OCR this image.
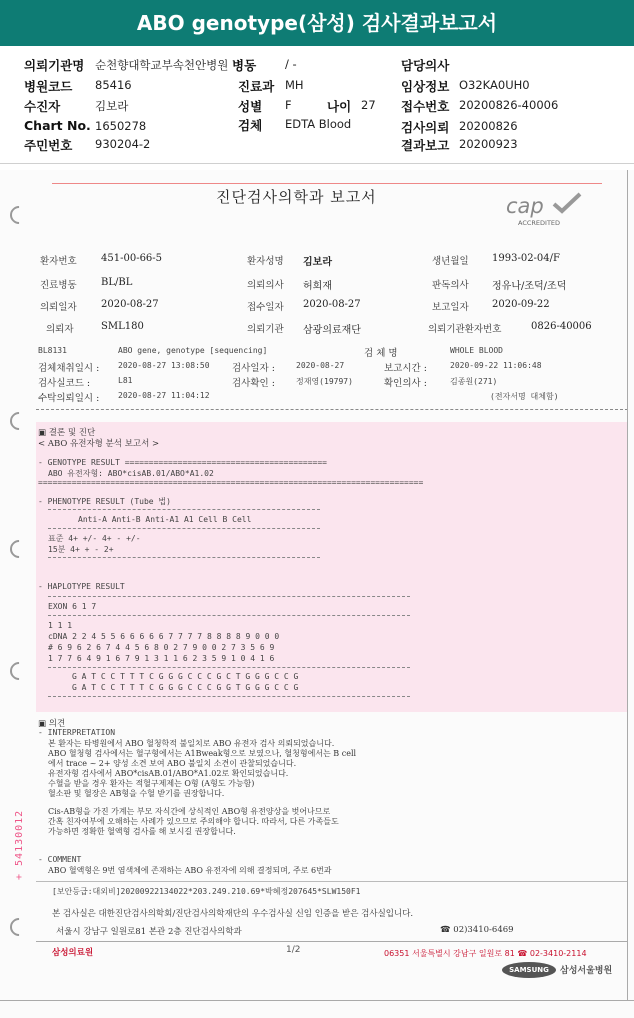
ABO genotype(삼성) 검사결과보고서
의뢰기관명 순천향대학교부속천안병원 병동	/ -	담당의사
병원코드 85416	진료과 MH	임상정보 O32KA0UH0
수진자	김보라	성별 F	나이 27 접수번호 20200826-40006
Chart No. 1650278	검체 EDTA Blood	검사의뢰 20200826
주민번호 930204-2	결과보고 20200923
진단검사의학과 보고서	cap
ACCREDITED
환자번호 451-00-66-5	환자성명 김보라	생년월일 1993-02-04/F
진료병동 BL/BL	의뢰의사 허희재	판독의사 정유나/조덕/조덕
의뢰일자 2020-08-27	접수일자 2020-08-27	보고일자 2020-09-22
의뢰자	SML180	의뢰기관 삼광의료재단	의뢰기관환자번호	0826-40006
BL8131	ABO gene, genotype [sequencing]	검 체 명	WHOLE BLOOD
검체채취일시 : 2020-08-27 13:08:50 검사일자 :	2020-08-27	보고시간 :	2020-09-22 11:06:48
검사실코드 :	L81	검사확인 :	정재영(19797)	확인의사 :	김종원(271)
수탁의뢰일시 : 2020-08-27 11:04:12	(전자서명 대체함)
▣ 결론 및 진단
< ABO 유전자형 분석 보고서 >
- GENOTYPE RESULT ==========================================
ABO 유전자형: ABO*cisAB.01/ABO*A1.02
================================================================================
- PHENOTYPE RESULT (Tube 법)
Anti-A Anti-B Anti-A1 A1 Cell B Cell
표준 4+ +/- 4+ - +/-
15분 4+ + - 2+
- HAPLOTYPE RESULT
EXON 6 1 7
1 1 1
cDNA 2 2 4 5 5 6 6 6 6 6 7 7 7 7 8 8 8 8 9 0 0 0
# 6 9 6 2 6 7 4 4 5 6 8 0 2 7 9 0 0 2 7 3 5 6 9
1 7 7 6 4 9 1 6 7 9 1 3 1 1 6 2 3 5 9 1 0 4 1 6
G A T C C T T T C G G G C C C G C T G G G C C G
G A T C C T T T C G G G C C C G G T G G G C C G
▣ 의견
- INTERPRETATION
본 환자는 타병원에서 ABO 혈청학적 불일치로 ABO 유전자 검사 의뢰되었습니다.
ABO 혈청형 검사에서는 혈구형에서는 A1Bweak형으로 보였으나, 혈청형에서는 B cell
에서 trace ~ 2+ 양성 소견 보여 ABO 불일치 소견이 관찰되었습니다.
유전자형 검사에서 ABO*cisAB.01/ABO*A1.02로 확인되었습니다.
수혈을 받을 경우 환자는 적혈구제제는 O형 (A형도 가능함)
혈소판 및 혈장은 AB형을 수혈 받기를 권장합니다.
Cis-AB형을 가진 가계는 부모 자식간에 상식적인 ABO형 유전양상을 벗어나므로
간혹 친자여부에 오해하는 사례가 있으므로 주의해야 합니다. 따라서, 다른 가족들도
가능하면 정확한 혈액형 검사를 해 보시길 권장합니다.
- COMMENT
ABO 혈액형은 9번 염색체에 존재하는 ABO 유전자에 의해 결정되며, 주로 6번과
+ 54130012
[보안등급:대외비]20200922134022*203.249.210.69*박혜정207645*SLW150F1
본 검사실은 대한진단검사의학회/진단검사의학재단의 우수검사실 신임 인증을 받은 검사실입니다.
서울시 강남구 일원로81 본관 2층 진단검사의학과	☎ 02)3410-6469
삼성의료원	1/2	06351 서울특별시 강남구 일원로 81 ☎ 02-3410-2114
SAMSUNG	삼성서울병원
